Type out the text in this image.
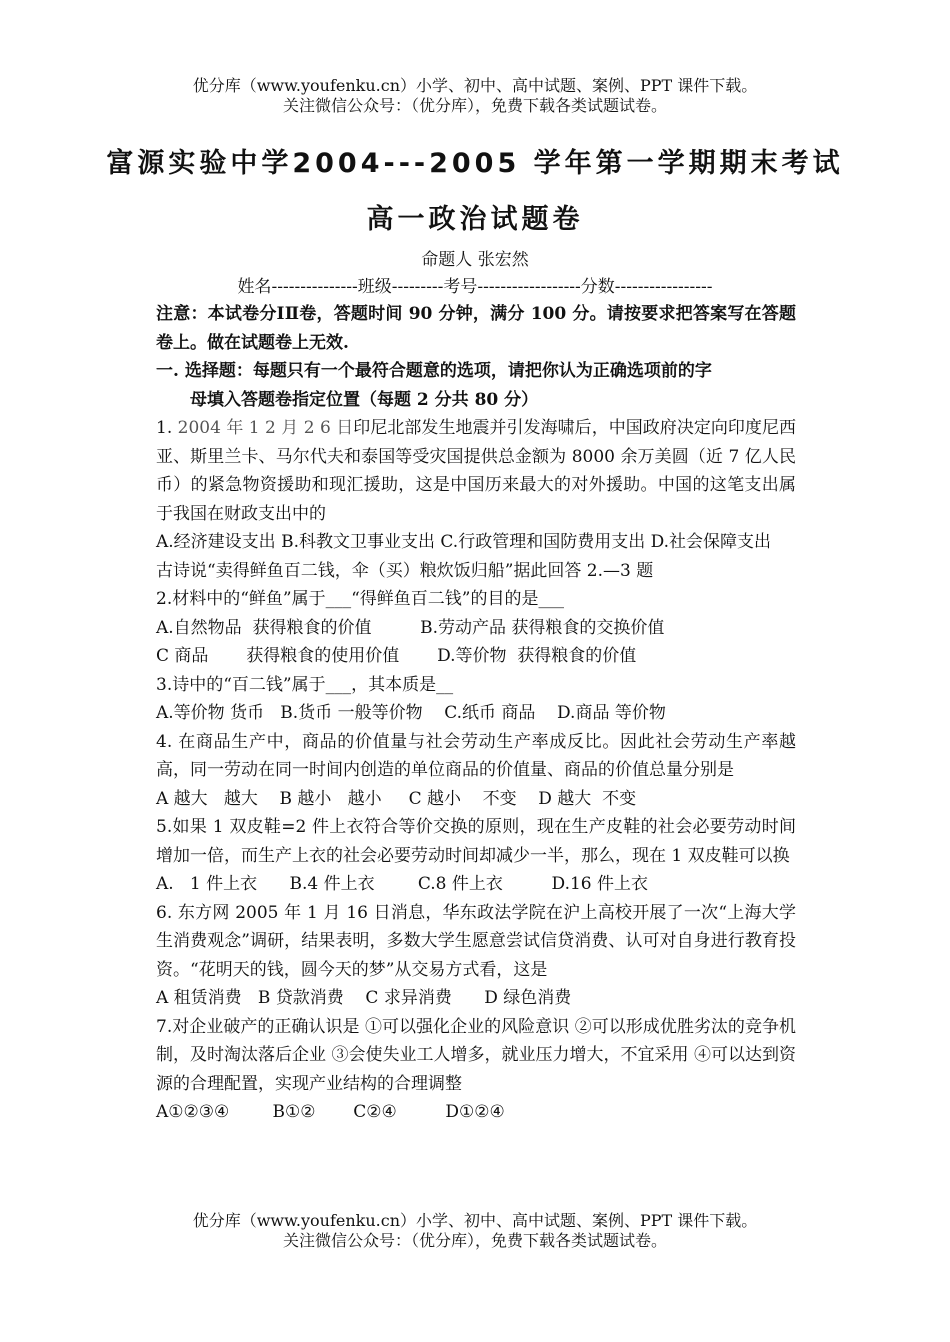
优分库（www.youfenku.cn）小学、初中、高中试题、案例、PPT 课件下载。
关注微信公众号：（优分库），免费下载各类试题试卷。
富源实验中学2004---2005 学年第一学期期末考试
高一政治试题卷
命题人 张宏然
姓名---------------班级---------考号------------------分数-----------------

注意：本试卷分ⅠⅡ卷，答题时间 90 分钟，满分 100 分。请按要求把答案写在答题卷上。做在试题卷上无效.

一. 选择题：每题只有一个最符合题意的选项，请把你认为正确选项前的字

母填入答题卷指定位置（每题 2 分共 80 分）

1. 2004 年 1 2 月 2 6 日印尼北部发生地震并引发海啸后，中国政府决定向印度尼西亚、斯里兰卡、马尔代夫和泰国等受灾国提供总金额为 8000 余万美圆（近 7 亿人民币）的紧急物资援助和现汇援助，这是中国历来最大的对外援助。中国的这笔支出属于我国在财政支出中的

A.经济建设支出 B.科教文卫事业支出 C.行政管理和国防费用支出 D.社会保障支出

古诗说“卖得鲜鱼百二钱，伞（买）粮炊饭归船”据此回答 2.—3 题

2.材料中的“鲜鱼”属于___“得鲜鱼百二钱”的目的是___

A.自然物品  获得粮食的价值         B.劳动产品 获得粮食的交换价值

C 商品       获得粮食的使用价值       D.等价物  获得粮食的价值

3.诗中的“百二钱”属于___，其本质是__

A.等价物 货币   B.货币 一般等价物    C.纸币 商品    D.商品 等价物

4. 在商品生产中，商品的价值量与社会劳动生产率成反比。因此社会劳动生产率越高，同一劳动在同一时间内创造的单位商品的价值量、商品的价值总量分别是

A 越大   越大    B 越小   越小     C 越小    不变    D 越大  不变

5.如果 1 双皮鞋=2 件上衣符合等价交换的原则，现在生产皮鞋的社会必要劳动时间增加一倍，而生产上衣的社会必要劳动时间却减少一半，那么，现在 1 双皮鞋可以换

A.   1 件上衣      B.4 件上衣        C.8 件上衣         D.16 件上衣

6. 东方网 2005 年 1 月 16 日消息，华东政法学院在沪上高校开展了一次“上海大学生消费观念”调研，结果表明，多数大学生愿意尝试信贷消费、认可对自身进行教育投资。“花明天的钱，圆今天的梦”从交易方式看，这是

A 租赁消费   B 贷款消费    C 求异消费      D 绿色消费

7.对企业破产的正确认识是 ①可以强化企业的风险意识 ②可以形成优胜劣汰的竞争机制，及时淘汰落后企业 ③会使失业工人增多，就业压力增大，不宜采用 ④可以达到资源的合理配置，实现产业结构的合理调整

A①②③④        B①②       C②④         D①②④

优分库（www.youfenku.cn）小学、初中、高中试题、案例、PPT 课件下载。
关注微信公众号：（优分库），免费下载各类试题试卷。
